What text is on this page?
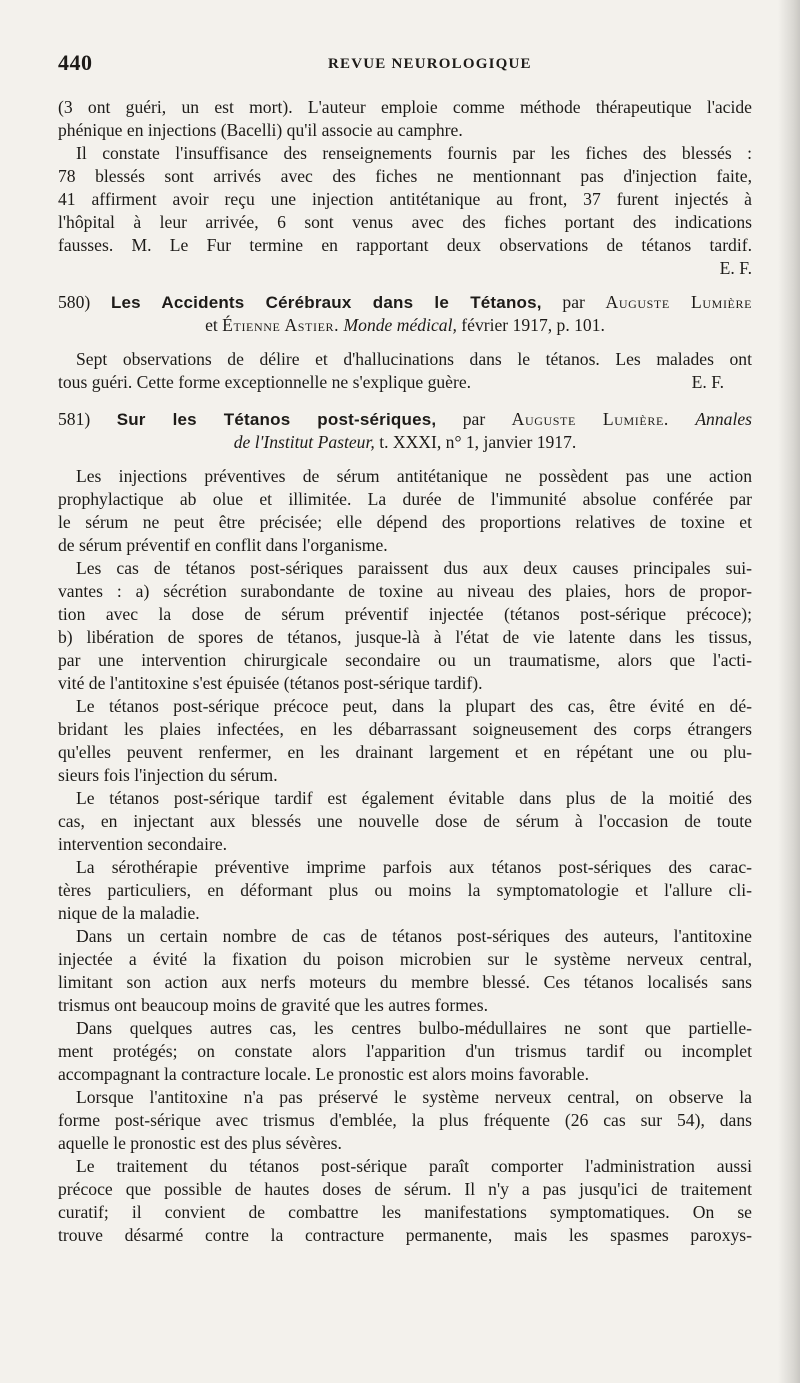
440	REVUE NEUROLOGIQUE
(3 ont guéri, un est mort). L'auteur emploie comme méthode thérapeutique l'acide
phénique en injections (Bacelli) qu'il associe au camphre.
Il constate l'insuffisance des renseignements fournis par les fiches des blessés :
78 blessés sont arrivés avec des fiches ne mentionnant pas d'injection faite,
41 affirment avoir reçu une injection antitétanique au front, 37 furent injectés à
l'hôpital à leur arrivée, 6 sont venus avec des fiches portant des indications
fausses. M. Le Fur termine en rapportant deux observations de tétanos tardif.
E. F.
580) Les Accidents Cérébraux dans le Tétanos, par Auguste Lumière
et Étienne Astier. Monde médical, février 1917, p. 101.
Sept observations de délire et d'hallucinations dans le tétanos. Les malades ont
tous guéri. Cette forme exceptionnelle ne s'explique guère.	E. F.
581) Sur les Tétanos post-sériques, par Auguste Lumière. Annales
de l'Institut Pasteur, t. XXXI, n° 1, janvier 1917.
Les injections préventives de sérum antitétanique ne possèdent pas une action
prophylactique ab olue et illimitée. La durée de l'immunité absolue conférée par
le sérum ne peut être précisée; elle dépend des proportions relatives de toxine et
de sérum préventif en conflit dans l'organisme.
Les cas de tétanos post-sériques paraissent dus aux deux causes principales sui-
vantes : a) sécrétion surabondante de toxine au niveau des plaies, hors de propor-
tion avec la dose de sérum préventif injectée (tétanos post-sérique précoce);
b) libération de spores de tétanos, jusque-là à l'état de vie latente dans les tissus,
par une intervention chirurgicale secondaire ou un traumatisme, alors que l'acti-
vité de l'antitoxine s'est épuisée (tétanos post-sérique tardif).
Le tétanos post-sérique précoce peut, dans la plupart des cas, être évité en dé-
bridant les plaies infectées, en les débarrassant soigneusement des corps étrangers
qu'elles peuvent renfermer, en les drainant largement et en répétant une ou plu-
sieurs fois l'injection du sérum.
Le tétanos post-sérique tardif est également évitable dans plus de la moitié des
cas, en injectant aux blessés une nouvelle dose de sérum à l'occasion de toute
intervention secondaire.
La sérothérapie préventive imprime parfois aux tétanos post-sériques des carac-
tères particuliers, en déformant plus ou moins la symptomatologie et l'allure cli-
nique de la maladie.
Dans un certain nombre de cas de tétanos post-sériques des auteurs, l'antitoxine
injectée a évité la fixation du poison microbien sur le système nerveux central,
limitant son action aux nerfs moteurs du membre blessé. Ces tétanos localisés sans
trismus ont beaucoup moins de gravité que les autres formes.
Dans quelques autres cas, les centres bulbo-médullaires ne sont que partielle-
ment protégés; on constate alors l'apparition d'un trismus tardif ou incomplet
accompagnant la contracture locale. Le pronostic est alors moins favorable.
Lorsque l'antitoxine n'a pas préservé le système nerveux central, on observe la
forme post-sérique avec trismus d'emblée, la plus fréquente (26 cas sur 54), dans
aquelle le pronostic est des plus sévères.
Le traitement du tétanos post-sérique paraît comporter l'administration aussi
précoce que possible de hautes doses de sérum. Il n'y a pas jusqu'ici de traitement
curatif; il convient de combattre les manifestations symptomatiques. On se
trouve désarmé contre la contracture permanente, mais les spasmes paroxys-
